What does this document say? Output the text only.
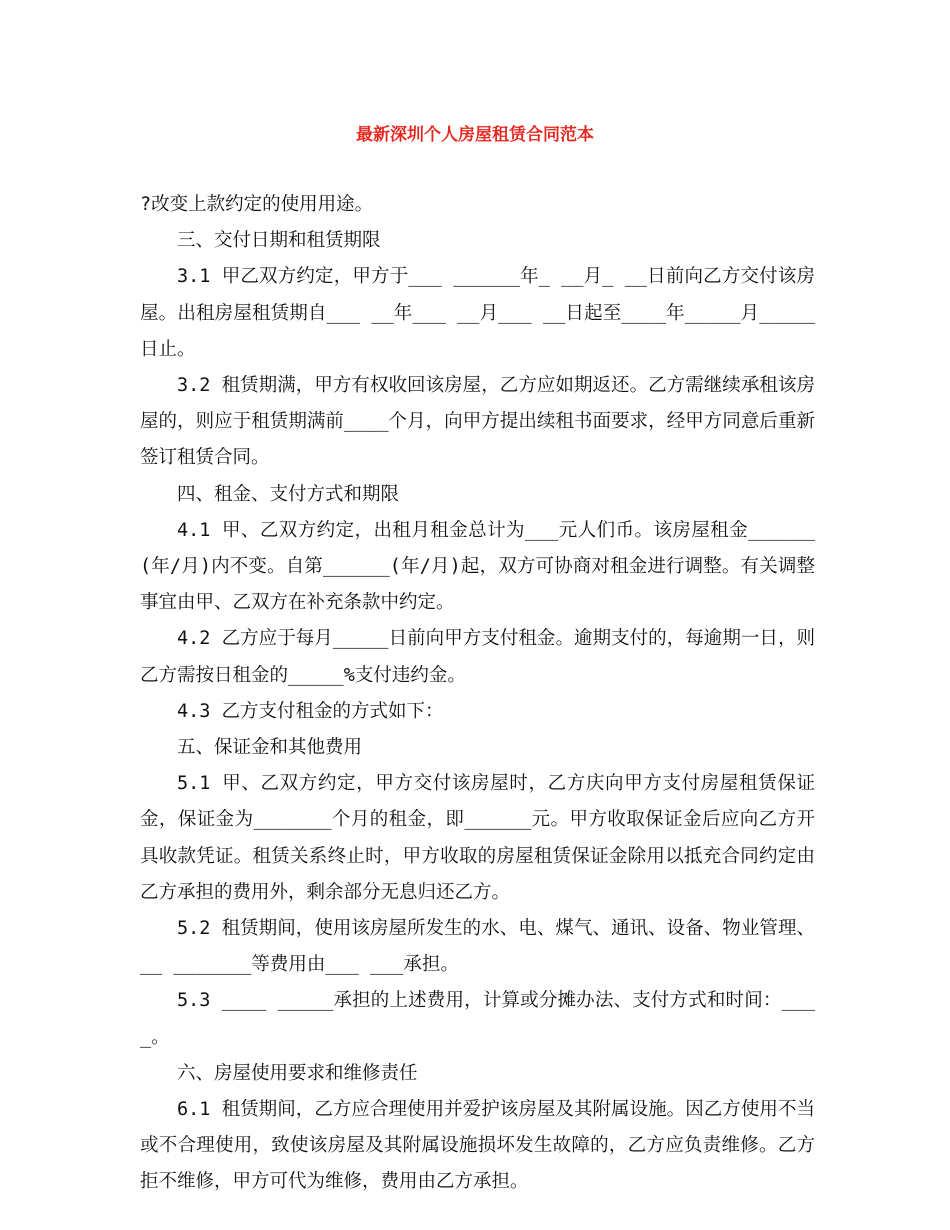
最新深圳个人房屋租赁合同范本

?改变上款约定的使用用途。

三、交付日期和租赁期限

3.1 甲乙双方约定，甲方于___ ______年_ __月_ __日前向乙方交付该房屋。出租房屋租赁期自___ __年___ __月___ __日起至____年_____月_____日止。

3.2 租赁期满，甲方有权收回该房屋，乙方应如期返还。乙方需继续承租该房屋的，则应于租赁期满前____个月，向甲方提出续租书面要求，经甲方同意后重新签订租赁合同。

四、租金、支付方式和期限

4.1 甲、乙双方约定，出租月租金总计为___元人们币。该房屋租金______(年/月)内不变。自第______(年/月)起，双方可协商对租金进行调整。有关调整事宜由甲、乙双方在补充条款中约定。

4.2 乙方应于每月_____日前向甲方支付租金。逾期支付的，每逾期一日，则乙方需按日租金的_____%支付违约金。

4.3 乙方支付租金的方式如下：

五、保证金和其他费用

5.1 甲、乙双方约定，甲方交付该房屋时，乙方庆向甲方支付房屋租赁保证金，保证金为_______个月的租金，即______元。甲方收取保证金后应向乙方开具收款凭证。租赁关系终止时，甲方收取的房屋租赁保证金除用以抵充合同约定由乙方承担的费用外，剩余部分无息归还乙方。

5.2 租赁期间，使用该房屋所发生的水、电、煤气、通讯、设备、物业管理、__ _______等费用由___ ___承担。

5.3 ____ _____承担的上述费用，计算或分摊办法、支付方式和时间：___ _。

六、房屋使用要求和维修责任

6.1 租赁期间，乙方应合理使用并爱护该房屋及其附属设施。因乙方使用不当或不合理使用，致使该房屋及其附属设施损坏发生故障的，乙方应负责维修。乙方拒不维修，甲方可代为维修，费用由乙方承担。
